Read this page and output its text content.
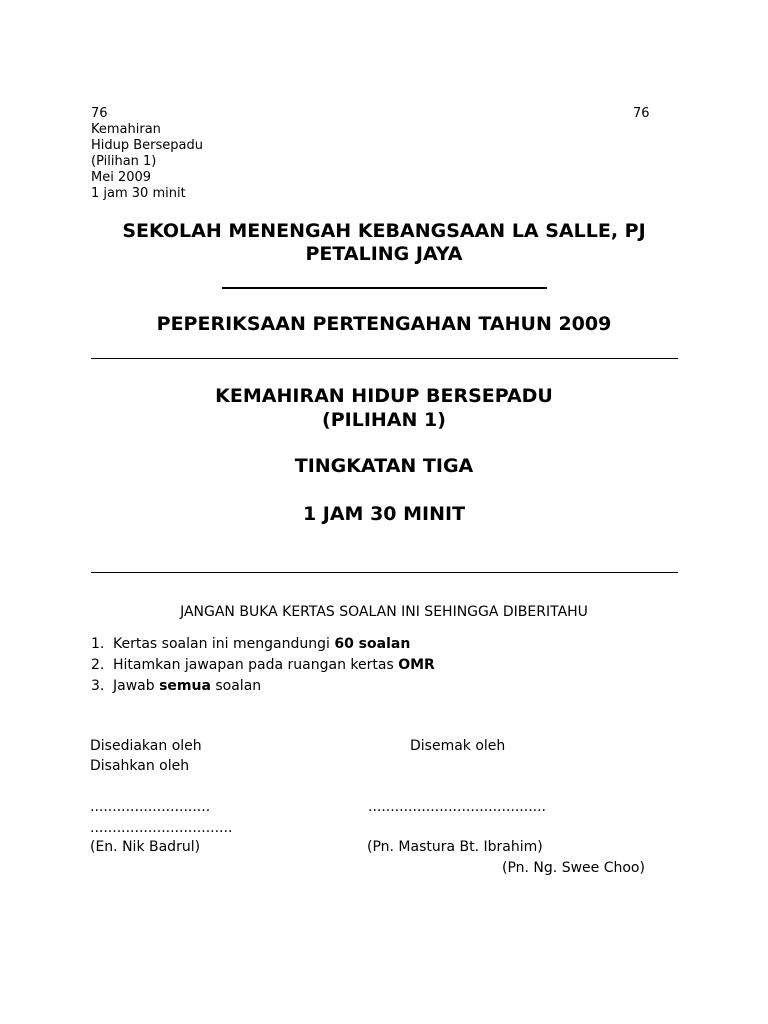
76	76
Kemahiran
Hidup Bersepadu
(Pilihan 1)
Mei 2009
1 jam 30 minit
SEKOLAH MENENGAH KEBANGSAAN LA SALLE, PJ
PETALING JAYA
PEPERIKSAAN PERTENGAHAN TAHUN 2009
KEMAHIRAN HIDUP BERSEPADU
(PILIHAN 1)
TINGKATAN TIGA
1 JAM 30 MINIT
JANGAN BUKA KERTAS SOALAN INI SEHINGGA DIBERITAHU
1. Kertas soalan ini mengandungi 60 soalan
2. Hitamkan jawapan pada ruangan kertas OMR
3. Jawab semua soalan
Disediakan oleh	Disemak oleh
Disahkan oleh
...........................	........................................
................................
(En. Nik Badrul)	(Pn. Mastura Bt. Ibrahim)
(Pn. Ng. Swee Choo)
